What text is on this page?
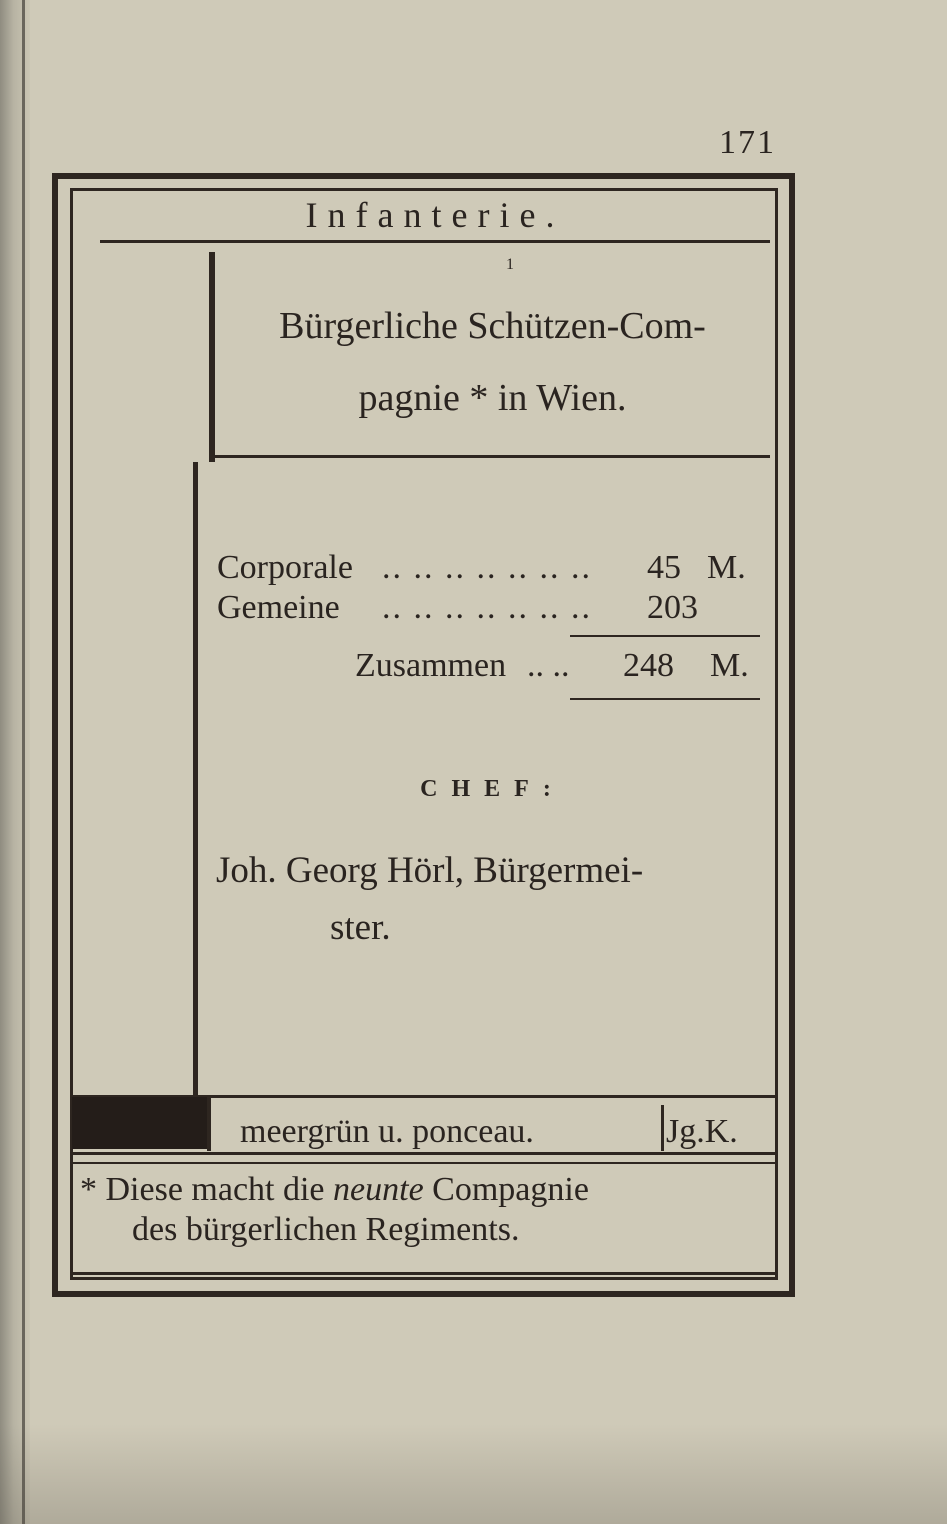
171
Infanterie.
1
Bürgerliche Schützen-Com-
pagnie * in Wien.
Corporale .. .. .. .. .. .. .. 45 M.
Gemeine .. .. .. .. .. .. .. 203
Zusammen .. .. 248 M.
CHEF:
Joh. Georg Hörl, Bürgermei-
ster.
meergrün u. ponceau.	Jg.K.
* Diese macht die neunte Compagnie
des bürgerlichen Regiments.
